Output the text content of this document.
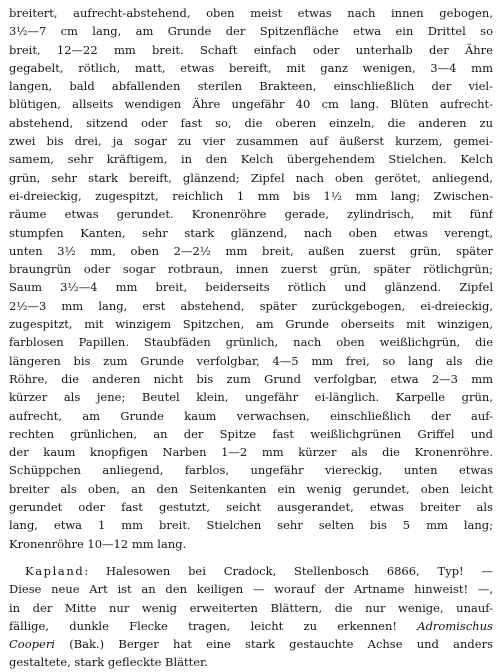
breitert, aufrecht-abstehend, oben meist etwas nach innen gebogen,
3½—7 cm lang, am Grunde der Spitzenfläche etwa ein Drittel so
breit, 12—22 mm breit. Schaft einfach oder unterhalb der Ähre
gegabelt, rötlich, matt, etwas bereift, mit ganz wenigen, 3—4 mm
langen, bald abfallenden sterilen Brakteen, einschließlich der viel-
blütigen, allseits wendigen Ähre ungefähr 40 cm lang. Blüten aufrecht-
abstehend, sitzend oder fast so, die oberen einzeln, die anderen zu
zwei bis drei, ja sogar zu vier zusammen auf äußerst kurzem, gemei-
samem, sehr kräftigem, in den Kelch übergehendem Stielchen. Kelch
grün, sehr stark bereift, glänzend; Zipfel nach oben gerötet, anliegend,
ei-dreieckig, zugespitzt, reichlich 1 mm bis 1½ mm lang; Zwischen-
räume etwas gerundet. Kronenröhre gerade, zylindrisch, mit fünf
stumpfen Kanten, sehr stark glänzend, nach oben etwas verengt,
unten 3½ mm, oben 2—2½ mm breit, außen zuerst grün, später
braungrün oder sogar rotbraun, innen zuerst grün, später rötlichgrün;
Saum 3½—4 mm breit, beiderseits rötlich und glänzend. Zipfel
2½—3 mm lang, erst abstehend, später zurückgebogen, ei-dreieckig,
zugespitzt, mit winzigem Spitzchen, am Grunde oberseits mit winzigen,
farblosen Papillen. Staubfäden grünlich, nach oben weißlichgrün, die
längeren bis zum Grunde verfolgbar, 4—5 mm frei, so lang als die
Röhre, die anderen nicht bis zum Grund verfolgbar, etwa 2—3 mm
kürzer als jene; Beutel klein, ungefähr ei-länglich. Karpelle grün,
aufrecht, am Grunde kaum verwachsen, einschließlich der auf-
rechten grünlichen, an der Spitze fast weißlichgrünen Griffel und
der kaum knopfigen Narben 1—2 mm kürzer als die Kronenröhre.
Schüppchen anliegend, farblos, ungefähr viereckig, unten etwas
breiter als oben, an den Seitenkanten ein wenig gerundet, oben leicht
gerundet oder fast gestutzt, seicht ausgerandet, etwas breiter als
lang, etwa 1 mm breit. Stielchen sehr selten bis 5 mm lang;
Kronenröhre 10—12 mm lang.
Kapland: Halesowen bei Cradock, Stellenbosch 6866, Typ! —
Diese neue Art ist an den keiligen — worauf der Artname hinweist! —,
in der Mitte nur wenig erweiterten Blättern, die nur wenige, unauf-
fällige, dunkle Flecke tragen, leicht zu erkennen! Adromischus
Cooperi (Bak.) Berger hat eine stark gestauchte Achse und anders
gestaltete, stark gefleckte Blätter.
